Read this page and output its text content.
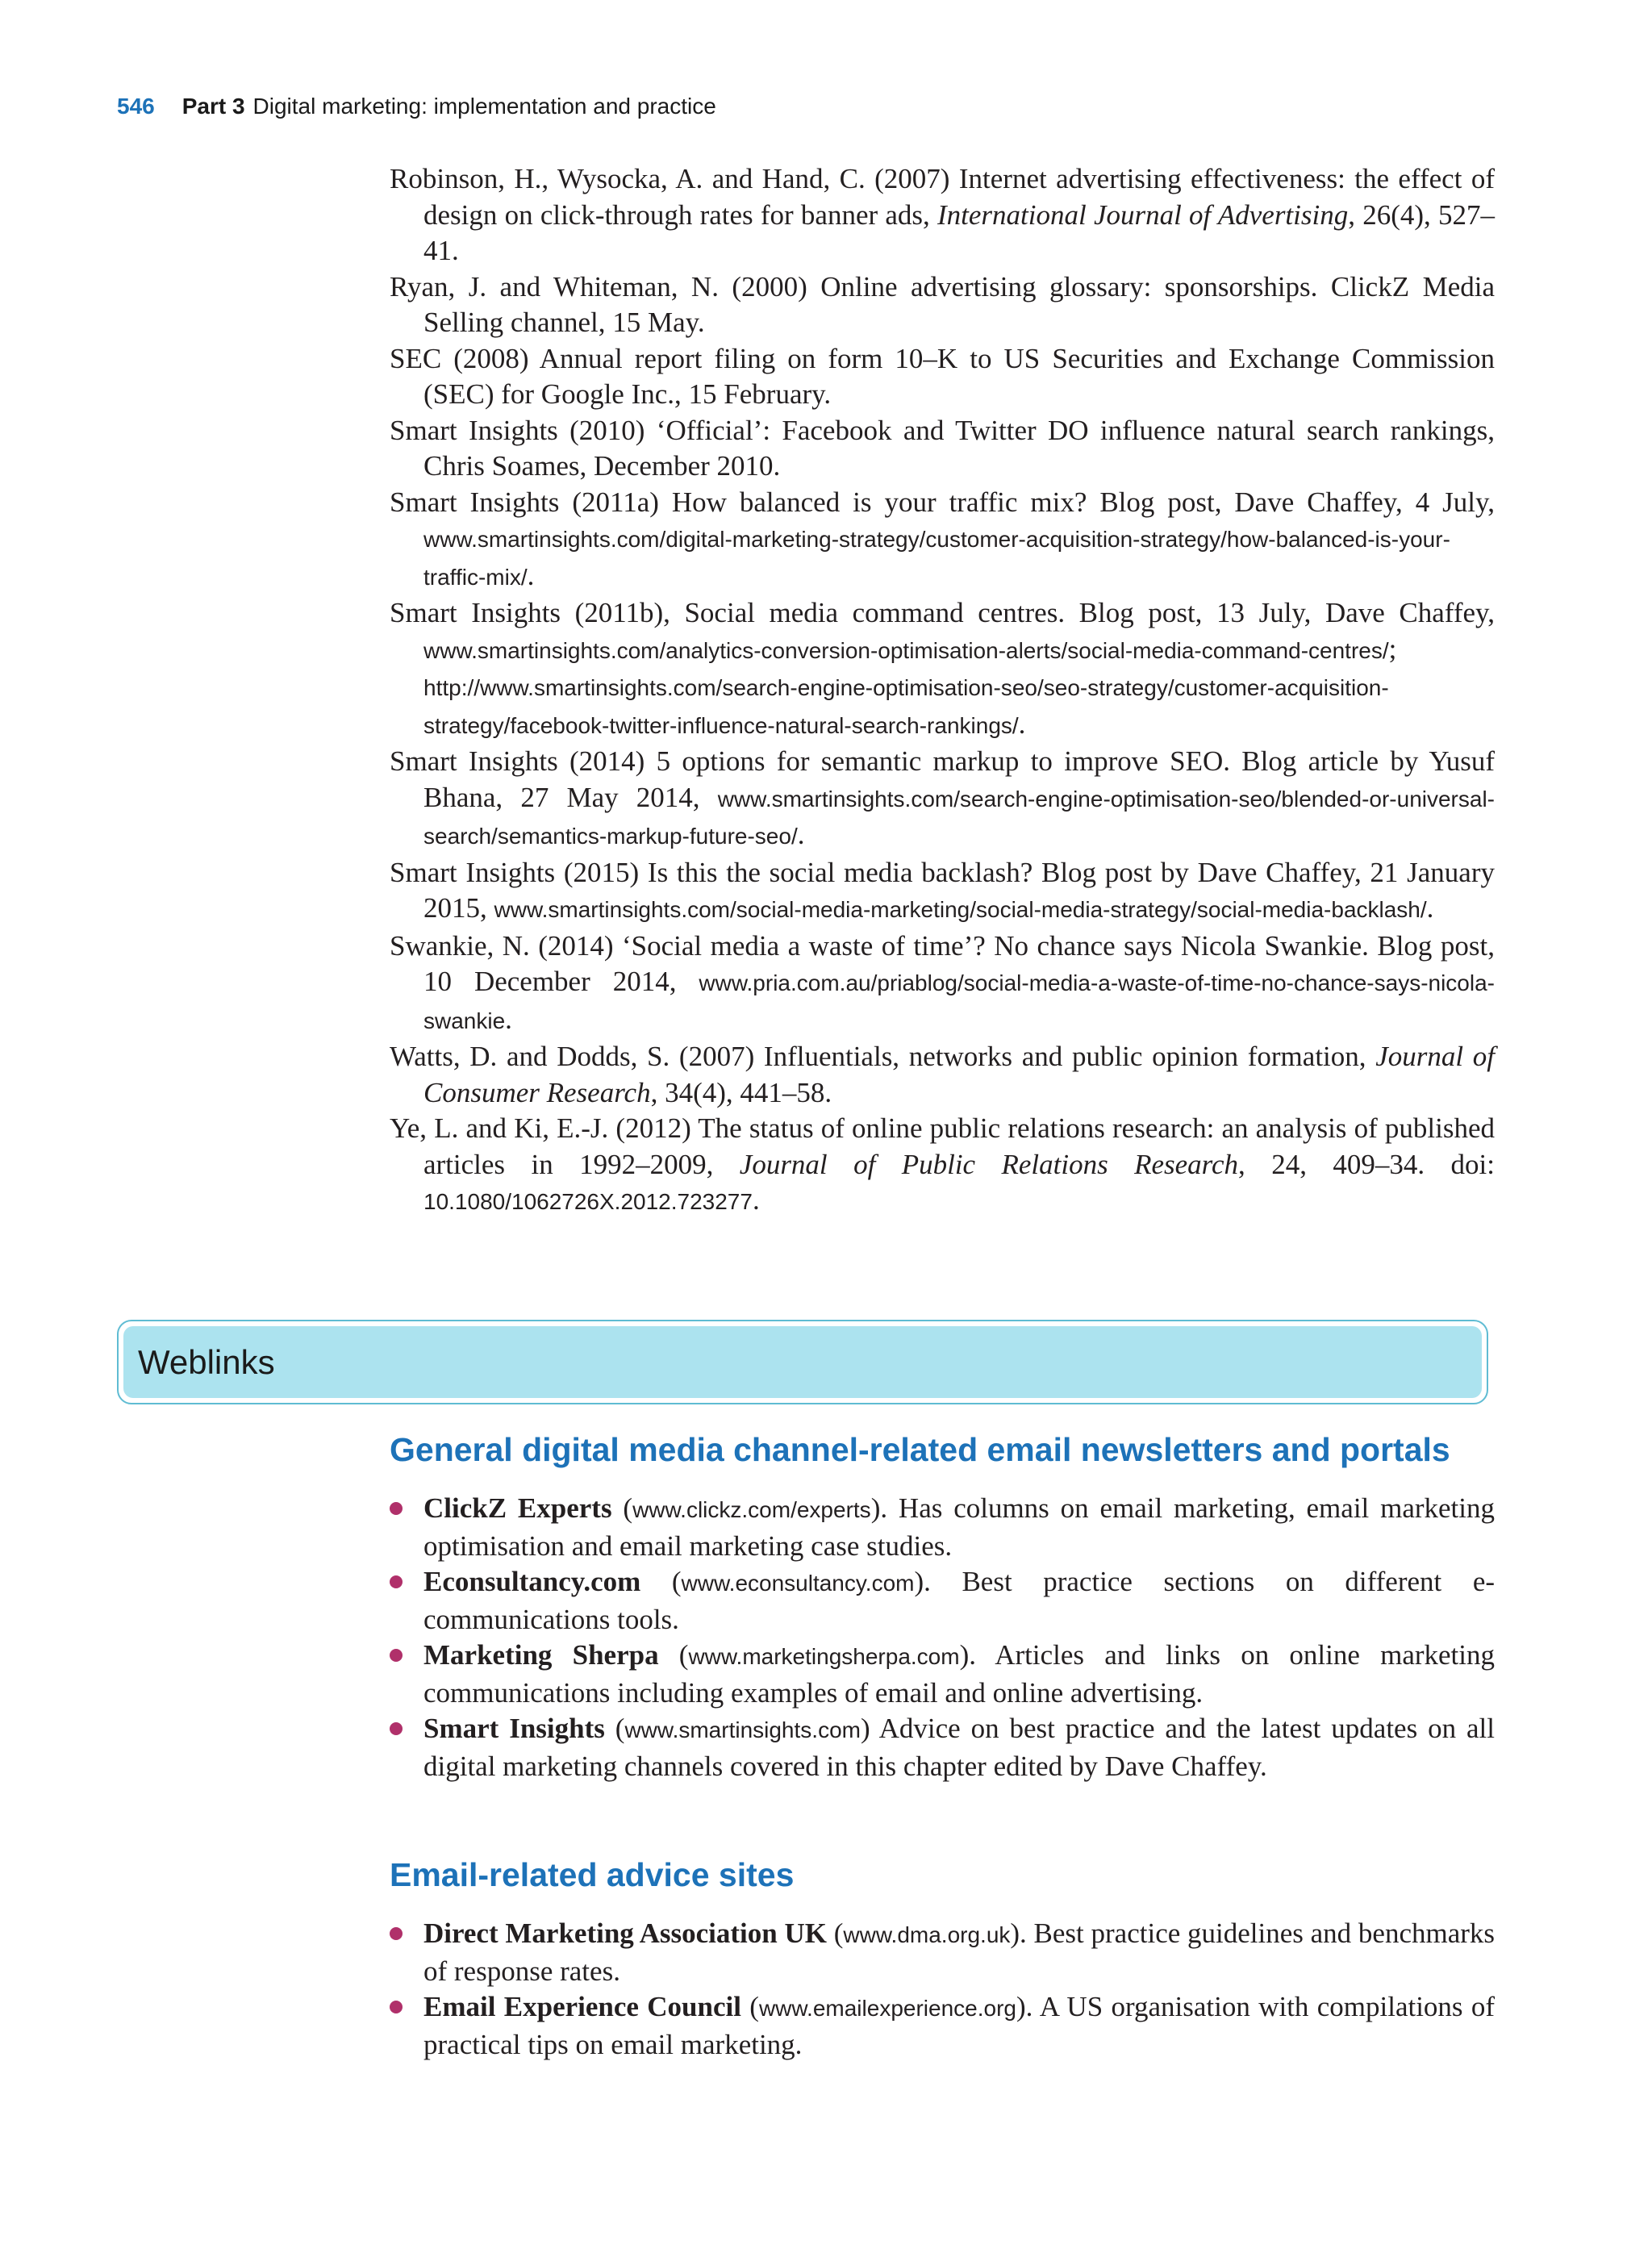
546 Part 3 Digital marketing: implementation and practice
Robinson, H., Wysocka, A. and Hand, C. (2007) Internet advertising effectiveness: the effect of design on click-through rates for banner ads, International Journal of Advertising, 26(4), 527–41.
Ryan, J. and Whiteman, N. (2000) Online advertising glossary: sponsorships. ClickZ Media Selling channel, 15 May.
SEC (2008) Annual report filing on form 10–K to US Securities and Exchange Commission (SEC) for Google Inc., 15 February.
Smart Insights (2010) ‘Official’: Facebook and Twitter DO influence natural search rankings, Chris Soames, December 2010.
Smart Insights (2011a) How balanced is your traffic mix? Blog post, Dave Chaffey, 4 July, www.smartinsights.com/digital-marketing-strategy/customer-acquisition-strategy/how-balanced-is-your-traffic-mix/.
Smart Insights (2011b), Social media command centres. Blog post, 13 July, Dave Chaffey, www.smartinsights.com/analytics-conversion-optimisation-alerts/social-media-command-centres/; http://www.smartinsights.com/search-engine-optimisation-seo/seo-strategy/customer-acquisition-strategy/facebook-twitter-influence-natural-search-rankings/.
Smart Insights (2014) 5 options for semantic markup to improve SEO. Blog article by Yusuf Bhana, 27 May 2014, www.smartinsights.com/search-engine-optimisation-seo/blended-or-universal-search/semantics-markup-future-seo/.
Smart Insights (2015) Is this the social media backlash? Blog post by Dave Chaffey, 21 January 2015, www.smartinsights.com/social-media-marketing/social-media-strategy/social-media-backlash/.
Swankie, N. (2014) ‘Social media a waste of time’? No chance says Nicola Swankie. Blog post, 10 December 2014, www.pria.com.au/priablog/social-media-a-waste-of-time-no-chance-says-nicola-swankie.
Watts, D. and Dodds, S. (2007) Influentials, networks and public opinion formation, Journal of Consumer Research, 34(4), 441–58.
Ye, L. and Ki, E.-J. (2012) The status of online public relations research: an analysis of published articles in 1992–2009, Journal of Public Relations Research, 24, 409–34. doi: 10.1080/1062726X.2012.723277.
Weblinks
General digital media channel-related email newsletters and portals
ClickZ Experts (www.clickz.com/experts). Has columns on email marketing, email marketing optimisation and email marketing case studies.
Econsultancy.com (www.econsultancy.com). Best practice sections on different e-communications tools.
Marketing Sherpa (www.marketingsherpa.com). Articles and links on online marketing communications including examples of email and online advertising.
Smart Insights (www.smartinsights.com) Advice on best practice and the latest updates on all digital marketing channels covered in this chapter edited by Dave Chaffey.
Email-related advice sites
Direct Marketing Association UK (www.dma.org.uk). Best practice guidelines and benchmarks of response rates.
Email Experience Council (www.emailexperience.org). A US organisation with compilations of practical tips on email marketing.
